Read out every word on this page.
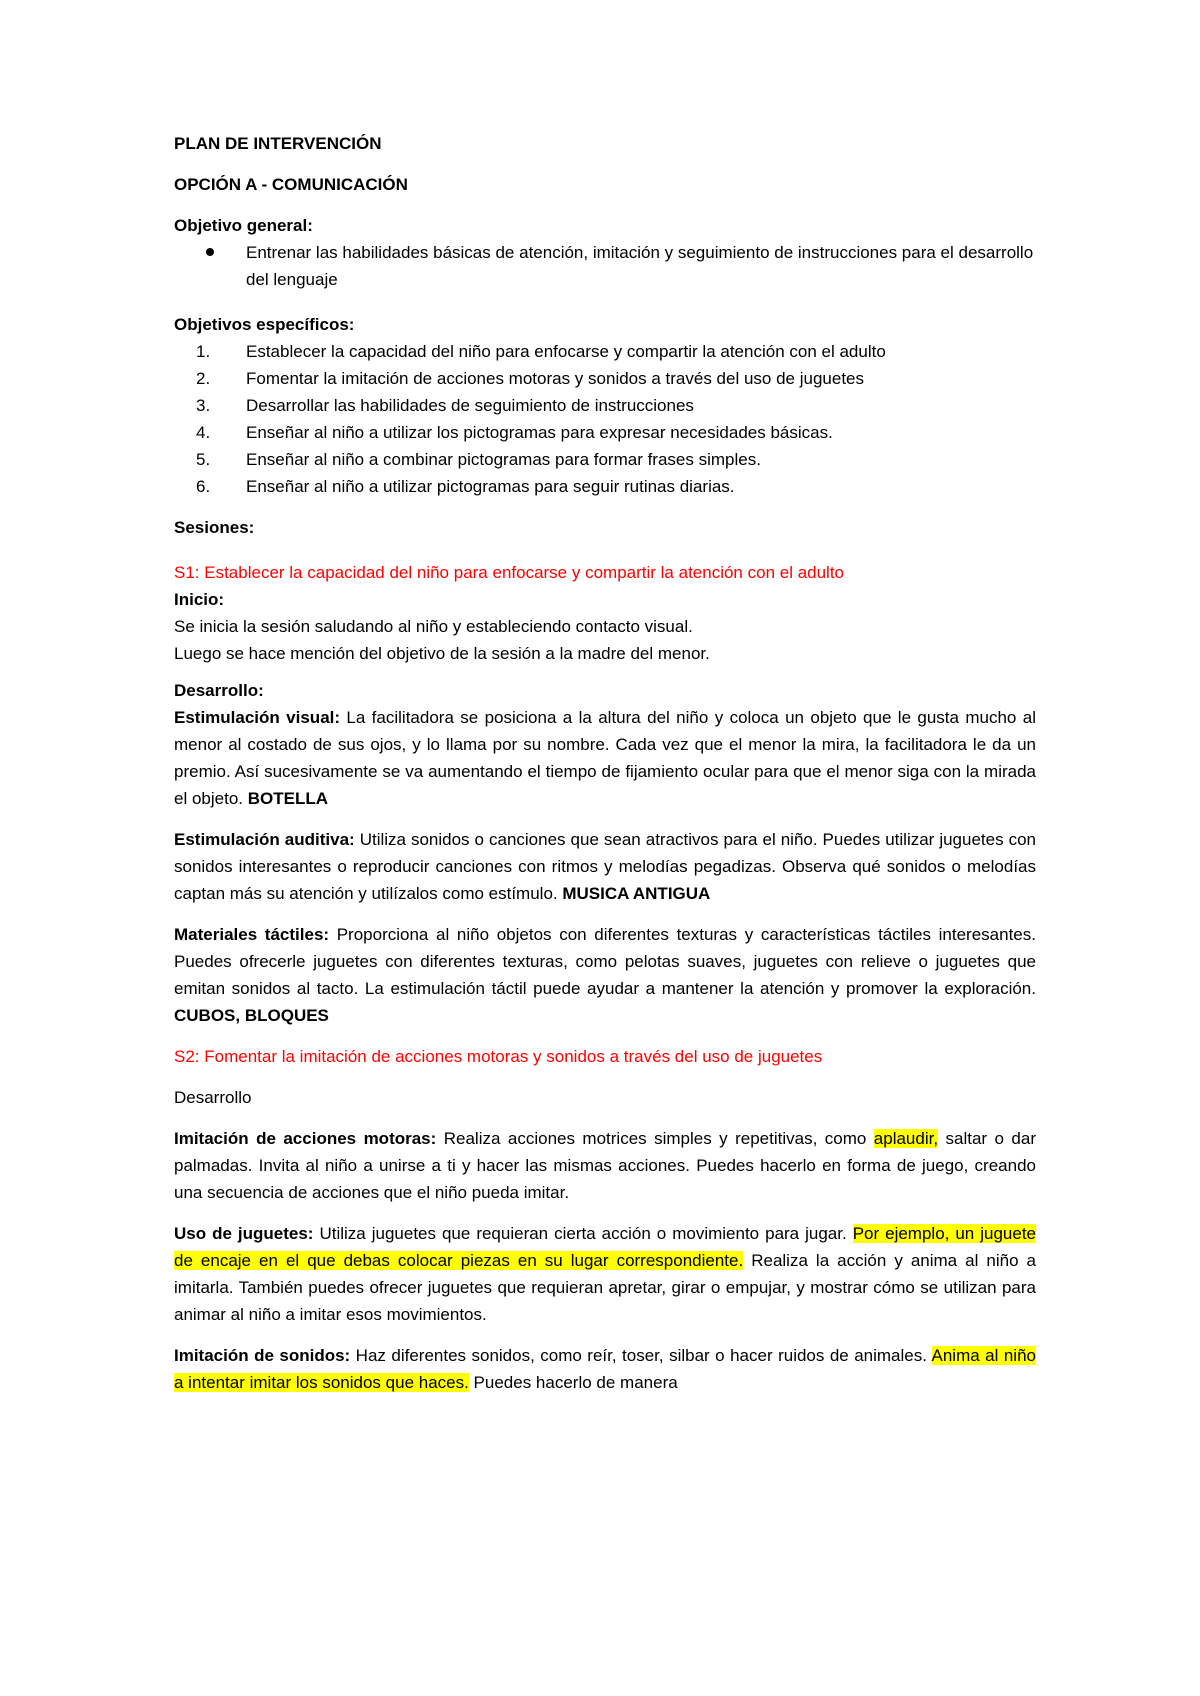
PLAN DE INTERVENCIÓN

OPCIÓN A - COMUNICACIÓN

Objetivo general:

Entrenar las habilidades básicas de atención, imitación y seguimiento de instrucciones para el desarrollo del lenguaje

Objetivos específicos:

1.	Establecer la capacidad del niño para enfocarse y compartir la atención con el adulto
2.	Fomentar la imitación de acciones motoras y sonidos a través del uso de juguetes
3.	Desarrollar las habilidades de seguimiento de instrucciones
4.	Enseñar al niño a utilizar los pictogramas para expresar necesidades básicas.
5.	Enseñar al niño a combinar pictogramas para formar frases simples.
6.	Enseñar al niño a utilizar pictogramas para seguir rutinas diarias.

Sesiones:

S1: Establecer la capacidad del niño para enfocarse y compartir la atención con el adulto

Inicio:

Se inicia la sesión saludando al niño y estableciendo contacto visual.

Luego se hace mención del objetivo de la sesión a la madre del menor.

Desarrollo:

Estimulación visual: La facilitadora se posiciona a la altura del niño y coloca un objeto que le gusta mucho al menor al costado de sus ojos, y lo llama por su nombre. Cada vez que el menor la mira, la facilitadora le da un premio. Así sucesivamente se va aumentando el tiempo de fijamiento ocular para que el menor siga con la mirada el objeto. BOTELLA

Estimulación auditiva: Utiliza sonidos o canciones que sean atractivos para el niño. Puedes utilizar juguetes con sonidos interesantes o reproducir canciones con ritmos y melodías pegadizas. Observa qué sonidos o melodías captan más su atención y utilízalos como estímulo. MUSICA ANTIGUA

Materiales táctiles: Proporciona al niño objetos con diferentes texturas y características táctiles interesantes. Puedes ofrecerle juguetes con diferentes texturas, como pelotas suaves, juguetes con relieve o juguetes que emitan sonidos al tacto. La estimulación táctil puede ayudar a mantener la atención y promover la exploración. CUBOS, BLOQUES

S2: Fomentar la imitación de acciones motoras y sonidos a través del uso de juguetes

Desarrollo

Imitación de acciones motoras: Realiza acciones motrices simples y repetitivas, como aplaudir, saltar o dar palmadas. Invita al niño a unirse a ti y hacer las mismas acciones. Puedes hacerlo en forma de juego, creando una secuencia de acciones que el niño pueda imitar.

Uso de juguetes: Utiliza juguetes que requieran cierta acción o movimiento para jugar. Por ejemplo, un juguete de encaje en el que debas colocar piezas en su lugar correspondiente. Realiza la acción y anima al niño a imitarla. También puedes ofrecer juguetes que requieran apretar, girar o empujar, y mostrar cómo se utilizan para animar al niño a imitar esos movimientos.

Imitación de sonidos: Haz diferentes sonidos, como reír, toser, silbar o hacer ruidos de animales. Anima al niño a intentar imitar los sonidos que haces. Puedes hacerlo de manera
